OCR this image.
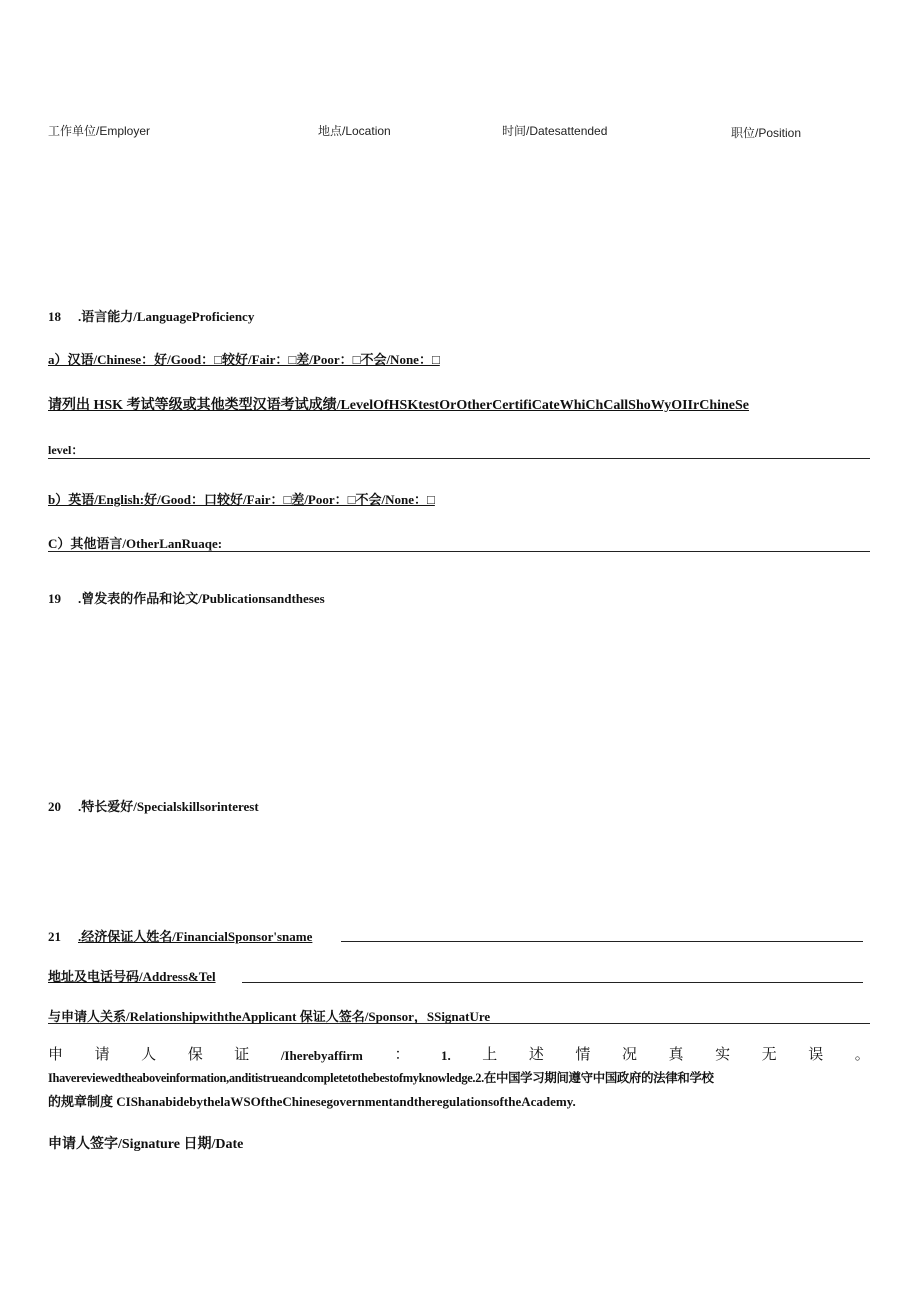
工作单位/Employer	地点/Location	时间/Datesattended	职位/Position
18 .语言能力/LanguageProficiency
a）汉语/Chinese：好/Good：□较好/Fair：□差/Poor：□不会/None：□
请列出 HSK 考试等级或其他类型汉语考试成绩/LevelOfHSKtestOrOtherCertifiCateWhiChCallShoWyOIIrChineSe
level：
b）英语/English:好/Good：口较好/Fair：□差/Poor：□不会/None：□
C）其他语言/OtherLanRuaqe:
19 .曾发表的作品和论文/Publicationsandtheses
20 .特长爱好/Specialskillsorinterest
21 .经济保证人姓名/FinancialSponsor'sname
地址及电话号码/Address&Tel
与申请人关系/RelationshipwiththeApplicant 保证人签名/Sponsor，SSignatUre
申 请 人 保 证 /Iherebyaffirm ： 1. 上 述 情 况 真 实 无 误 。
Ihavereviewedtheaboveinformation,anditistrueandcompletetothebestofmyknowledge.2.在中国学习期间遵守中国政府的法律和学校
的规章制度 CIShanabidebythelaWSOftheChinesegovernmentandtheregulationsoftheAcademy.
申请人签字/Signature 日期/Date
